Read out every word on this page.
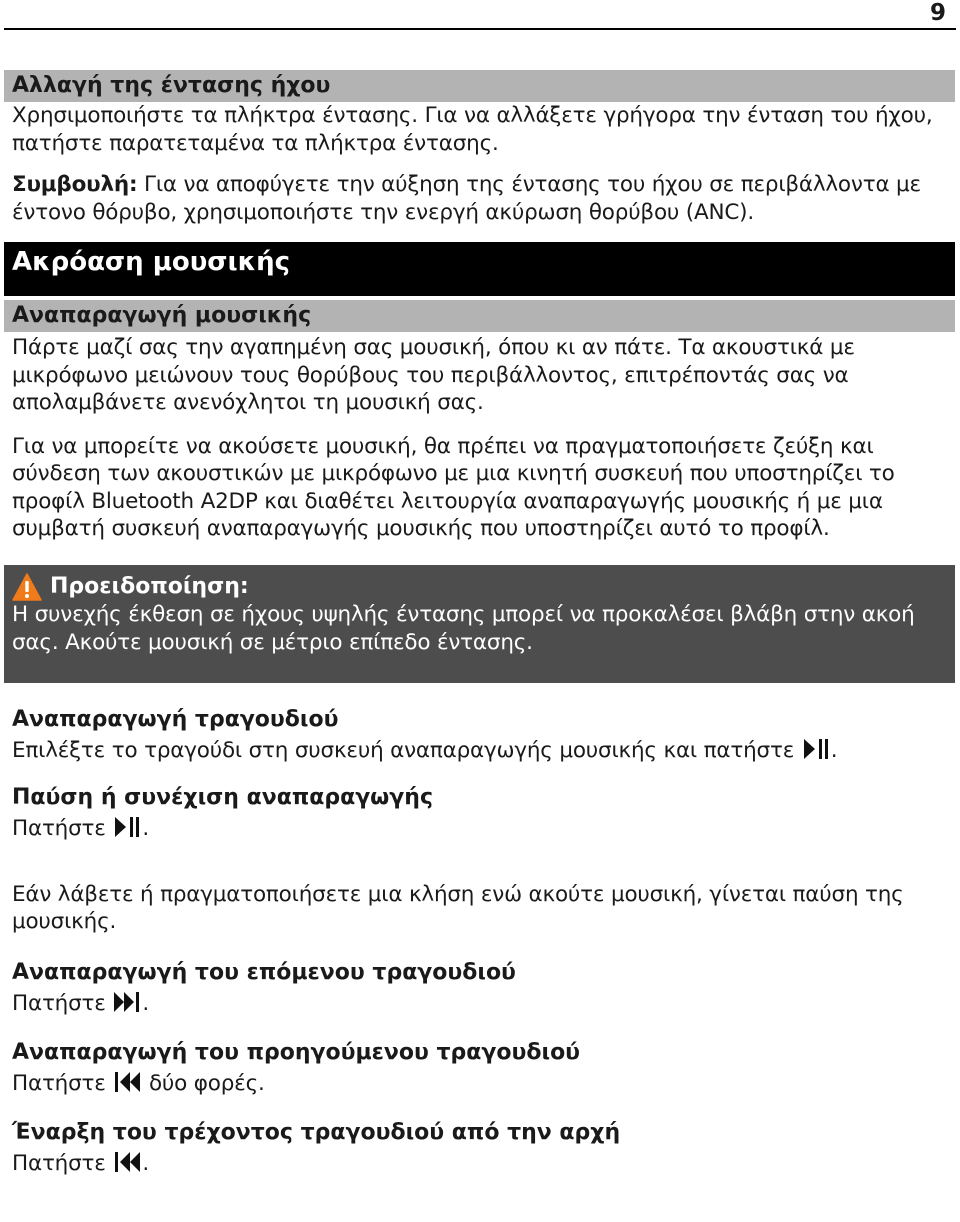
9
Αλλαγή της έντασης ήχου

Χρησιμοποιήστε τα πλήκτρα έντασης. Για να αλλάξετε γρήγορα την ένταση του ήχου, πατήστε παρατεταμένα τα πλήκτρα έντασης.

Συμβουλή: Για να αποφύγετε την αύξηση της έντασης του ήχου σε περιβάλλοντα με έντονο θόρυβο, χρησιμοποιήστε την ενεργή ακύρωση θορύβου (ANC).

Ακρόαση μουσικής
Αναπαραγωγή μουσικής

Πάρτε μαζί σας την αγαπημένη σας μουσική, όπου κι αν πάτε. Τα ακουστικά με μικρόφωνο μειώνουν τους θορύβους του περιβάλλοντος, επιτρέποντάς σας να απολαμβάνετε ανενόχλητοι τη μουσική σας.

Για να μπορείτε να ακούσετε μουσική, θα πρέπει να πραγματοποιήσετε ζεύξη και σύνδεση των ακουστικών με μικρόφωνο με μια κινητή συσκευή που υποστηρίζει το προφίλ Bluetooth A2DP και διαθέτει λειτουργία αναπαραγωγής μουσικής ή με μια συμβατή συσκευή αναπαραγωγής μουσικής που υποστηρίζει αυτό το προφίλ.

Προειδοποίηση:
Η συνεχής έκθεση σε ήχους υψηλής έντασης μπορεί να προκαλέσει βλάβη στην ακοή σας. Ακούτε μουσική σε μέτριο επίπεδο έντασης.
Αναπαραγωγή τραγουδιού

Επιλέξτε το τραγούδι στη συσκευή αναπαραγωγής μουσικής και πατήστε .

Παύση ή συνέχιση αναπαραγωγής

Πατήστε .

Εάν λάβετε ή πραγματοποιήσετε μια κλήση ενώ ακούτε μουσική, γίνεται παύση της μουσικής.

Αναπαραγωγή του επόμενου τραγουδιού

Πατήστε .

Αναπαραγωγή του προηγούμενου τραγουδιού

Πατήστε  δύο φορές.

Έναρξη του τρέχοντος τραγουδιού από την αρχή

Πατήστε .
